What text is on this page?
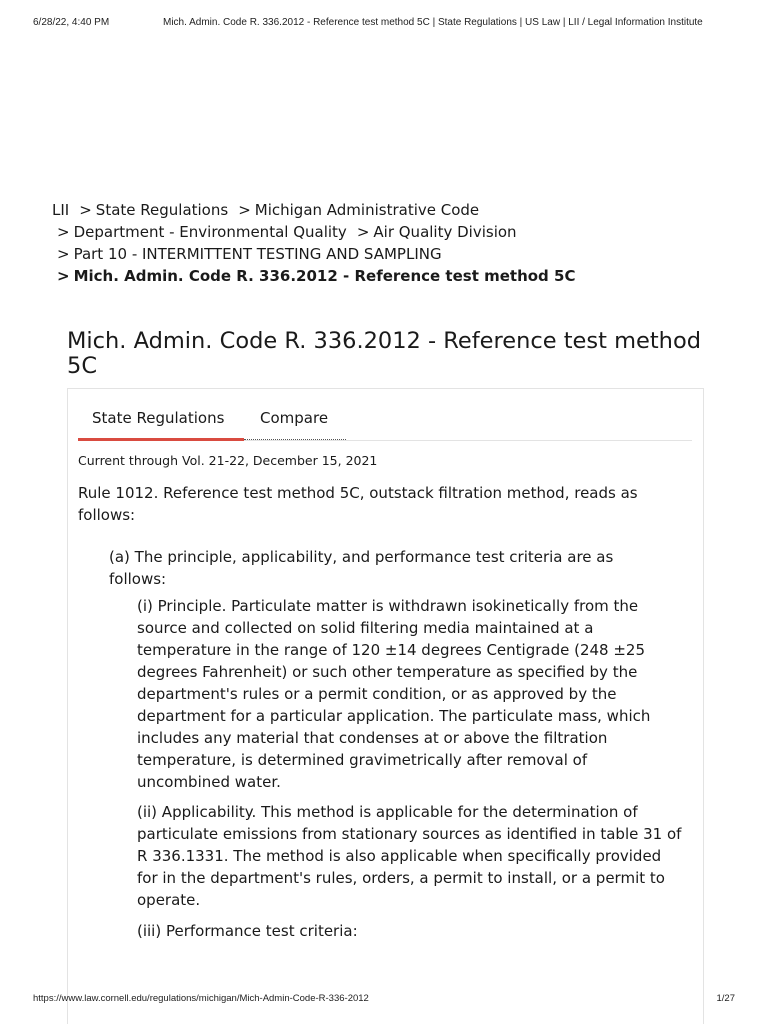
6/28/22, 4:40 PM	Mich. Admin. Code R. 336.2012 - Reference test method 5C | State Regulations | US Law | LII / Legal Information Institute
LII > State Regulations > Michigan Administrative Code
> Department - Environmental Quality > Air Quality Division
> Part 10 - INTERMITTENT TESTING AND SAMPLING
> Mich. Admin. Code R. 336.2012 - Reference test method 5C
Mich. Admin. Code R. 336.2012 - Reference test method 5C
State Regulations Compare
Current through Vol. 21-22, December 15, 2021

Rule 1012. Reference test method 5C, outstack filtration method, reads as follows:

(a) The principle, applicability, and performance test criteria are as follows:

(i) Principle. Particulate matter is withdrawn isokinetically from the source and collected on solid filtering media maintained at a temperature in the range of 120 ±14 degrees Centigrade (248 ±25 degrees Fahrenheit) or such other temperature as specified by the department's rules or a permit condition, or as approved by the department for a particular application. The particulate mass, which includes any material that condenses at or above the filtration temperature, is determined gravimetrically after removal of uncombined water.

(ii) Applicability. This method is applicable for the determination of particulate emissions from stationary sources as identified in table 31 of R 336.1331. The method is also applicable when specifically provided for in the department's rules, orders, a permit to install, or a permit to operate.

(iii) Performance test criteria:

https://www.law.cornell.edu/regulations/michigan/Mich-Admin-Code-R-336-2012	1/27
